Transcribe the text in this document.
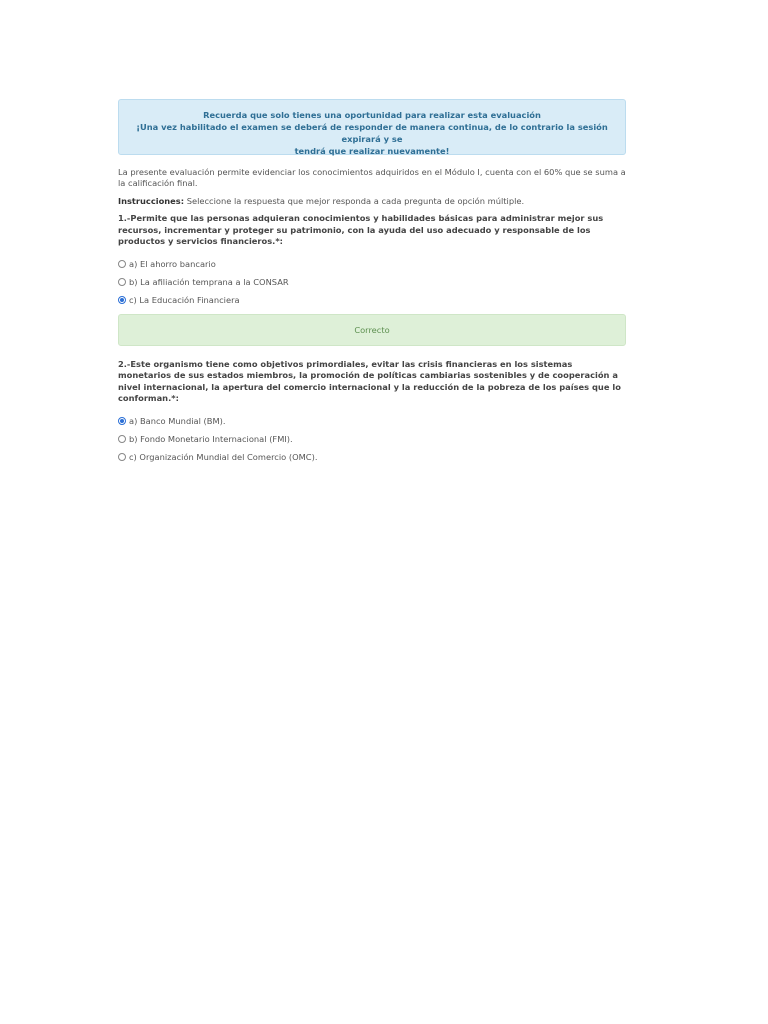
Recuerda que solo tienes una oportunidad para realizar esta evaluación
¡Una vez habilitado el examen se deberá de responder de manera continua, de lo contrario la sesión expirará y se
tendrá que realizar nuevamente!
La presente evaluación permite evidenciar los conocimientos adquiridos en el Módulo I, cuenta con el 60% que se suma a la calificación final.
Instrucciones: Seleccione la respuesta que mejor responda a cada pregunta de opción múltiple.
1.-Permite que las personas adquieran conocimientos y habilidades básicas para administrar mejor sus recursos, incrementar y proteger su patrimonio, con la ayuda del uso adecuado y responsable de los productos y servicios financieros.*:
a) El ahorro bancario
b) La afiliación temprana a la CONSAR
c) La Educación Financiera
Correcto
2.-Este organismo tiene como objetivos primordiales, evitar las crisis financieras en los sistemas monetarios de sus estados miembros, la promoción de políticas cambiarias sostenibles y de cooperación a nivel internacional, la apertura del comercio internacional y la reducción de la pobreza de los países que lo conforman.*:
a) Banco Mundial (BM).
b) Fondo Monetario Internacional (FMI).
c) Organización Mundial del Comercio (OMC).
